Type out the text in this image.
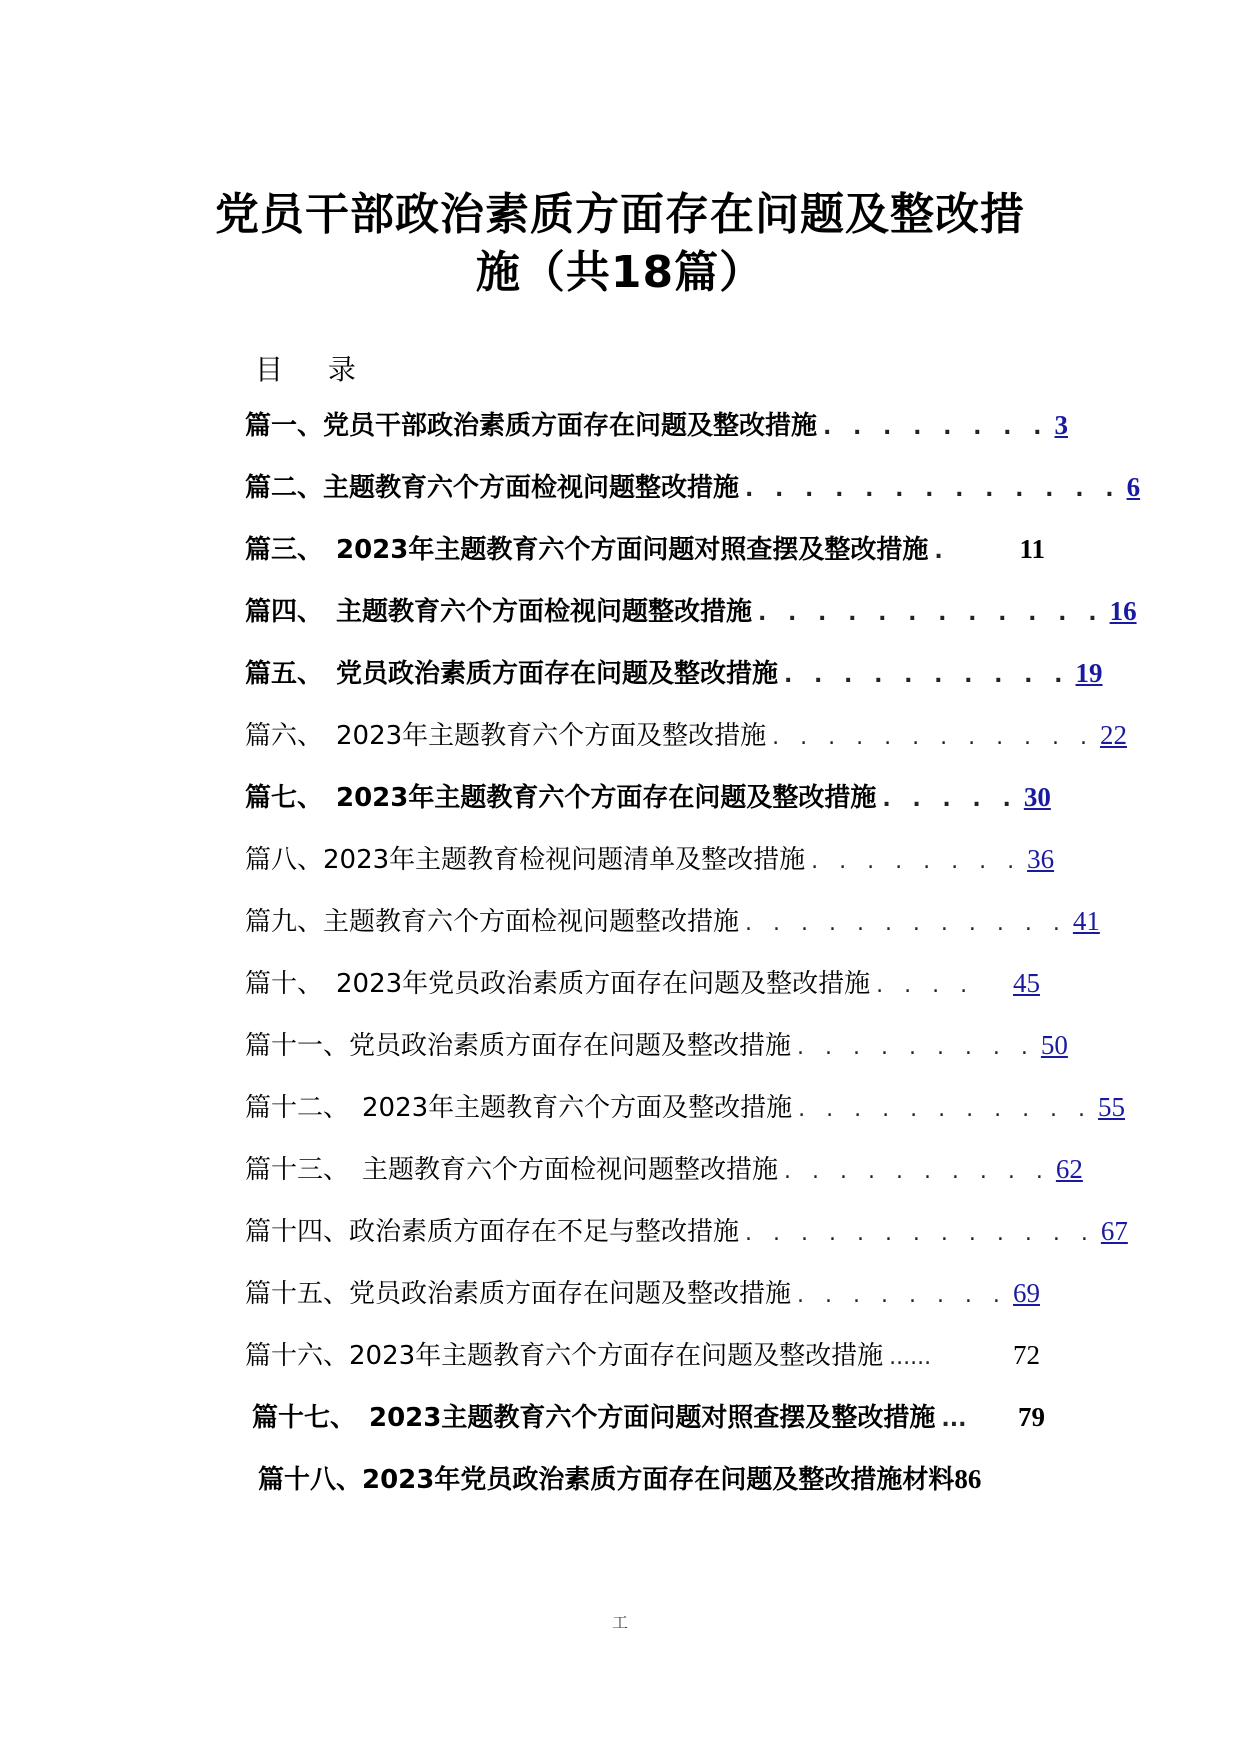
党员干部政治素质方面存在问题及整改措
施（共18篇）
目 录
篇一、党员干部政治素质方面存在问题及整改措施 . . . . . . . . 3
篇二、主题教育六个方面检视问题整改措施 . . . . . . . . . . . . . 6
篇三、　2023年主题教育六个方面问题对照查摆及整改措施 .	11
篇四、　主题教育六个方面检视问题整改措施 . . . . . . . . . . . . 16
篇五、　党员政治素质方面存在问题及整改措施 . . . . . . . . . . 19
篇六、　2023年主题教育六个方面及整改措施 . . . . . . . . . . . . 22
篇七、　2023年主题教育六个方面存在问题及整改措施 . . . . . 30
篇八、2023年主题教育检视问题清单及整改措施 . . . . . . . . 36
篇九、主题教育六个方面检视问题整改措施 . . . . . . . . . . . . 41
篇十、　2023年党员政治素质方面存在问题及整改措施 . . . .	45
篇十一、党员政治素质方面存在问题及整改措施 . . . . . . . . . 50
篇十二、　2023年主题教育六个方面及整改措施 . . . . . . . . . . . 55
篇十三、　主题教育六个方面检视问题整改措施 . . . . . . . . . . 62
篇十四、政治素质方面存在不足与整改措施 . . . . . . . . . . . . . 67
篇十五、党员政治素质方面存在问题及整改措施 . . . . . . . . 69
篇十六、2023年主题教育六个方面存在问题及整改措施 ......	72
篇十七、　2023主题教育六个方面问题对照查摆及整改措施 ...	79
篇十八、2023年党员政治素质方面存在问题及整改措施材料 86
工
